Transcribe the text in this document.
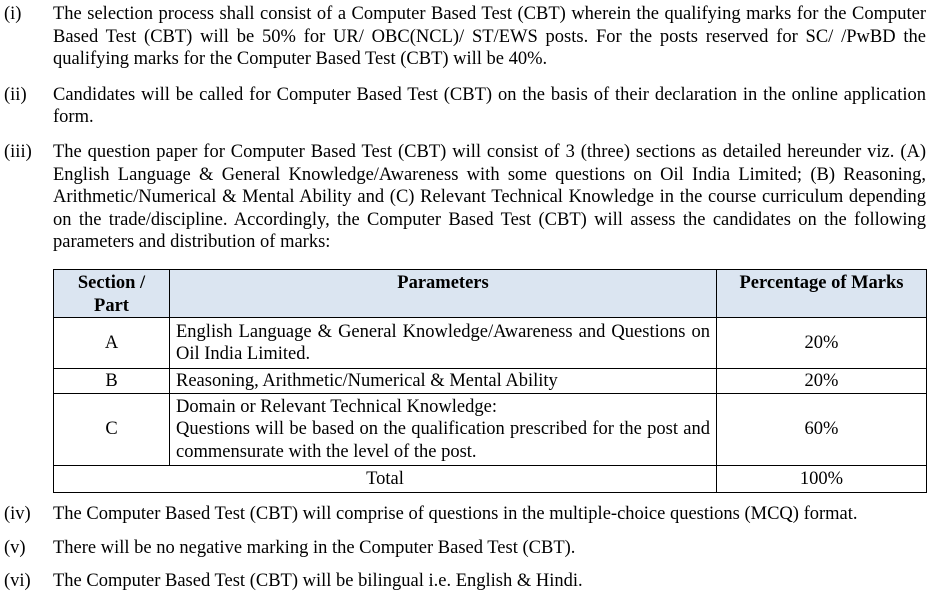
(i) The selection process shall consist of a Computer Based Test (CBT) wherein the qualifying marks for the Computer Based Test (CBT) will be 50% for UR/ OBC(NCL)/ ST/EWS posts. For the posts reserved for SC/ /PwBD the qualifying marks for the Computer Based Test (CBT) will be 40%.

(ii) Candidates will be called for Computer Based Test (CBT) on the basis of their declaration in the online application form.

(iii) The question paper for Computer Based Test (CBT) will consist of 3 (three) sections as detailed hereunder viz. (A) English Language & General Knowledge/Awareness with some questions on Oil India Limited; (B) Reasoning, Arithmetic/Numerical & Mental Ability and (C) Relevant Technical Knowledge in the course curriculum depending on the trade/discipline. Accordingly, the Computer Based Test (CBT) will assess the candidates on the following parameters and distribution of marks:

Section / Part	Parameters	Percentage of Marks
A	English Language & General Knowledge/Awareness and Questions on Oil India Limited.	20%
B	Reasoning, Arithmetic/Numerical & Mental Ability	20%
C	Domain or Relevant Technical Knowledge:
Questions will be based on the qualification prescribed for the post and commensurate with the level of the post.	60%
Total		100%
(iv) The Computer Based Test (CBT) will comprise of questions in the multiple-choice questions (MCQ) format.

(v) There will be no negative marking in the Computer Based Test (CBT).

(vi) The Computer Based Test (CBT) will be bilingual i.e. English & Hindi.
